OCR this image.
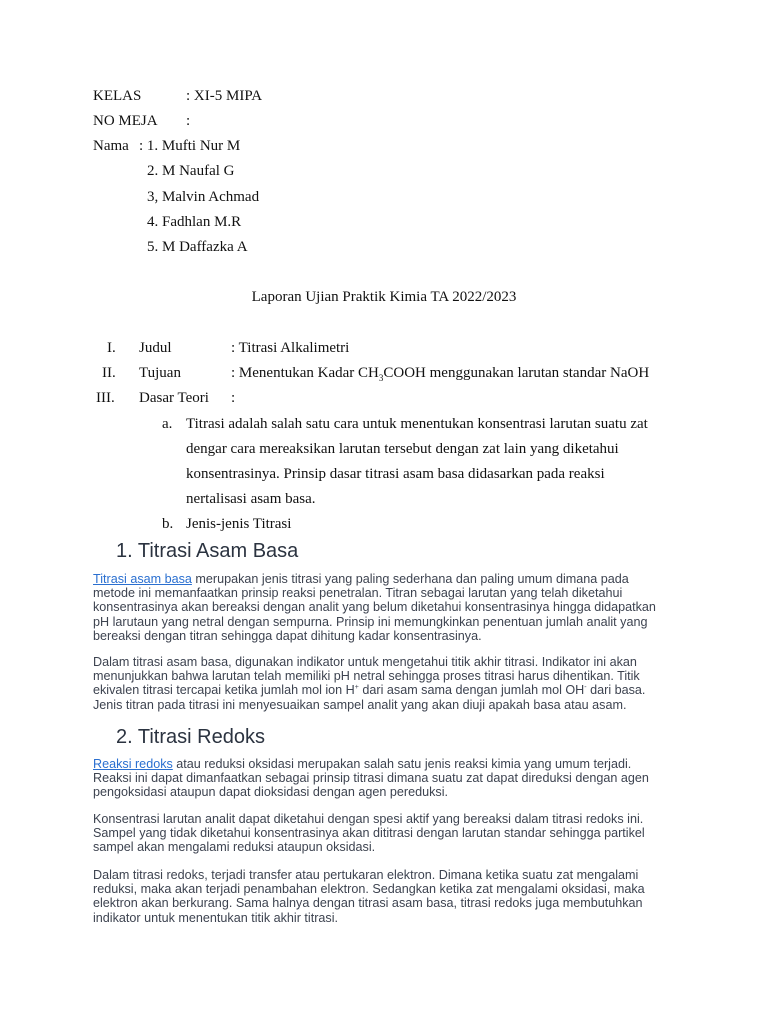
KELAS	: XI-5 MIPA
NO MEJA :
Nama : 1. Mufti Nur M
2. M Naufal G
3, Malvin Achmad
4. Fadhlan M.R
5. M Daffazka A
Laporan Ujian Praktik Kimia TA 2022/2023
I. Judul	: Titrasi Alkalimetri
II. Tujuan	: Menentukan Kadar $CH_3COOH$ menggunakan larutan standar NaOH
III. Dasar Teori :
a. Titrasi adalah salah satu cara untuk menentukan konsentrasi larutan suatu zat
dengar cara mereaksikan larutan tersebut dengan zat lain yang diketahui
konsentrasinya. Prinsip dasar titrasi asam basa didasarkan pada reaksi
nertalisasi asam basa.
b. Jenis-jenis Titrasi
1. Titrasi Asam Basa

Titrasi asam basa merupakan jenis titrasi yang paling sederhana dan paling umum dimana pada

metode ini memanfaatkan prinsip reaksi penetralan. Titran sebagai larutan yang telah diketahui

konsentrasinya akan bereaksi dengan analit yang belum diketahui konsentrasinya hingga didapatkan

pH larutaun yang netral dengan sempurna. Prinsip ini memungkinkan penentuan jumlah analit yang

bereaksi dengan titran sehingga dapat dihitung kadar konsentrasinya.

Dalam titrasi asam basa, digunakan indikator untuk mengetahui titik akhir titrasi. Indikator ini akan

menunjukkan bahwa larutan telah memiliki pH netral sehingga proses titrasi harus dihentikan. Titik

ekivalen titrasi tercapai ketika jumlah mol ion H+ dari asam sama dengan jumlah mol OH- dari basa.

Jenis titran pada titrasi ini menyesuaikan sampel analit yang akan diuji apakah basa atau asam.

2. Titrasi Redoks

Reaksi redoks atau reduksi oksidasi merupakan salah satu jenis reaksi kimia yang umum terjadi.

Reaksi ini dapat dimanfaatkan sebagai prinsip titrasi dimana suatu zat dapat direduksi dengan agen

pengoksidasi ataupun dapat dioksidasi dengan agen pereduksi.

Konsentrasi larutan analit dapat diketahui dengan spesi aktif yang bereaksi dalam titrasi redoks ini.

Sampel yang tidak diketahui konsentrasinya akan dititrasi dengan larutan standar sehingga partikel

sampel akan mengalami reduksi ataupun oksidasi.

Dalam titrasi redoks, terjadi transfer atau pertukaran elektron. Dimana ketika suatu zat mengalami

reduksi, maka akan terjadi penambahan elektron. Sedangkan ketika zat mengalami oksidasi, maka

elektron akan berkurang. Sama halnya dengan titrasi asam basa, titrasi redoks juga membutuhkan

indikator untuk menentukan titik akhir titrasi.
